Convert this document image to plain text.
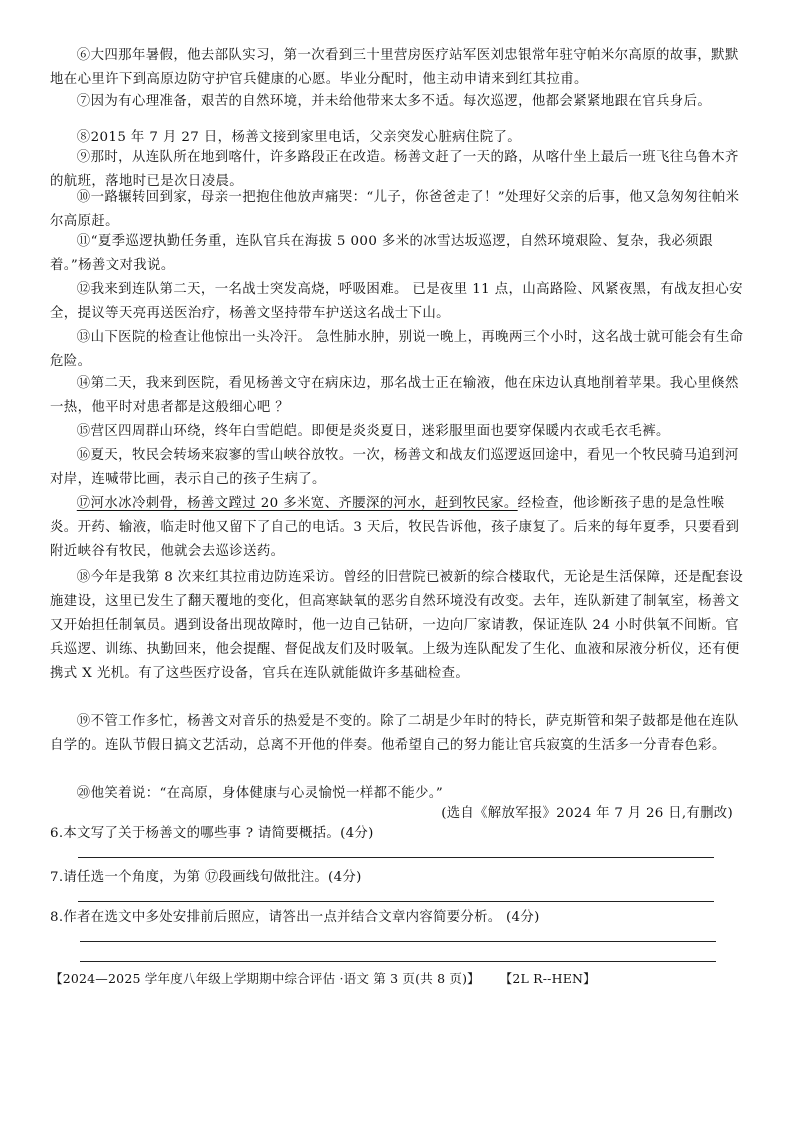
⑥大四那年暑假，他去部队实习，第一次看到三十里营房医疗站军医刘忠银常年驻守帕米尔高原的故事，默默地在心里许下到高原边防守护官兵健康的心愿。毕业分配时，他主动申请来到红其拉甫。

⑦因为有心理准备，艰苦的自然环境，并未给他带来太多不适。每次巡逻，他都会紧紧地跟在官兵身后。

⑧2015 年 7 月 27 日，杨善文接到家里电话，父亲突发心脏病住院了。

⑨那时，从连队所在地到喀什，许多路段正在改造。杨善文赶了一天的路，从喀什坐上最后一班飞往乌鲁木齐的航班，落地时已是次日凌晨。

⑩一路辗转回到家，母亲一把抱住他放声痛哭：“儿子，你爸爸走了！”处理好父亲的后事，他又急匆匆往帕米尔高原赶。

⑪“夏季巡逻执勤任务重，连队官兵在海拔 5 000 多米的冰雪达坂巡逻，自然环境艰险、复杂，我必须跟着。”杨善文对我说。

⑫我来到连队第二天，一名战士突发高烧，呼吸困难。 已是夜里 11 点，山高路险、风紧夜黑，有战友担心安全，提议等天亮再送医治疗，杨善文坚持带车护送这名战士下山。

⑬山下医院的检查让他惊出一头冷汗。 急性肺水肿，别说一晚上，再晚两三个小时，这名战士就可能会有生命危险。

⑭第二天，我来到医院，看见杨善文守在病床边，那名战士正在输液，他在床边认真地削着苹果。我心里倏然一热，他平时对患者都是这般细心吧 ？

⑮营区四周群山环绕，终年白雪皑皑。即便是炎炎夏日，迷彩服里面也要穿保暖内衣或毛衣毛裤。

⑯夏天，牧民会转场来寂寥的雪山峡谷放牧。一次，杨善文和战友们巡逻返回途中，看见一个牧民骑马追到河对岸，连喊带比画，表示自己的孩子生病了。

⑰河水冰冷刺骨，杨善文蹚过 20 多米宽、齐腰深的河水，赶到牧民家。经检查，他诊断孩子患的是急性喉炎。开药、输液，临走时他又留下了自己的电话。3 天后，牧民告诉他，孩子康复了。后来的每年夏季，只要看到附近峡谷有牧民，他就会去巡诊送药。

⑱今年是我第 8 次来红其拉甫边防连采访。曾经的旧营院已被新的综合楼取代，无论是生活保障，还是配套设施建设，这里已发生了翻天覆地的变化，但高寒缺氧的恶劣自然环境没有改变。去年，连队新建了制氧室，杨善文又开始担任制氧员。遇到设备出现故障时，他一边自己钻研，一边向厂家请教，保证连队 24 小时供氧不间断。官兵巡逻、训练、执勤回来，他会提醒、督促战友们及时吸氧。上级为连队配发了生化、血液和尿液分析仪，还有便携式 X 光机。有了这些医疗设备，官兵在连队就能做许多基础检查。

⑲不管工作多忙，杨善文对音乐的热爱是不变的。除了二胡是少年时的特长，萨克斯管和架子鼓都是他在连队自学的。连队节假日搞文艺活动，总离不开他的伴奏。他希望自己的努力能让官兵寂寞的生活多一分青春色彩。

⑳他笑着说：“在高原，身体健康与心灵愉悦一样都不能少。”

(选自《解放军报》2024 年 7 月 26 日,有删改)

6.本文写了关于杨善文的哪些事 ? 请简要概括。(4分)

7.请任选一个角度，为第 ⑰段画线句做批注。(4分)

8.作者在选文中多处安排前后照应，请答出一点并结合文章内容简要分析。 (4分)

【2024—2025 学年度八年级上学期期中综合评估 ·语文 第 3 页(共 8 页)】 【2L R--HEN】
